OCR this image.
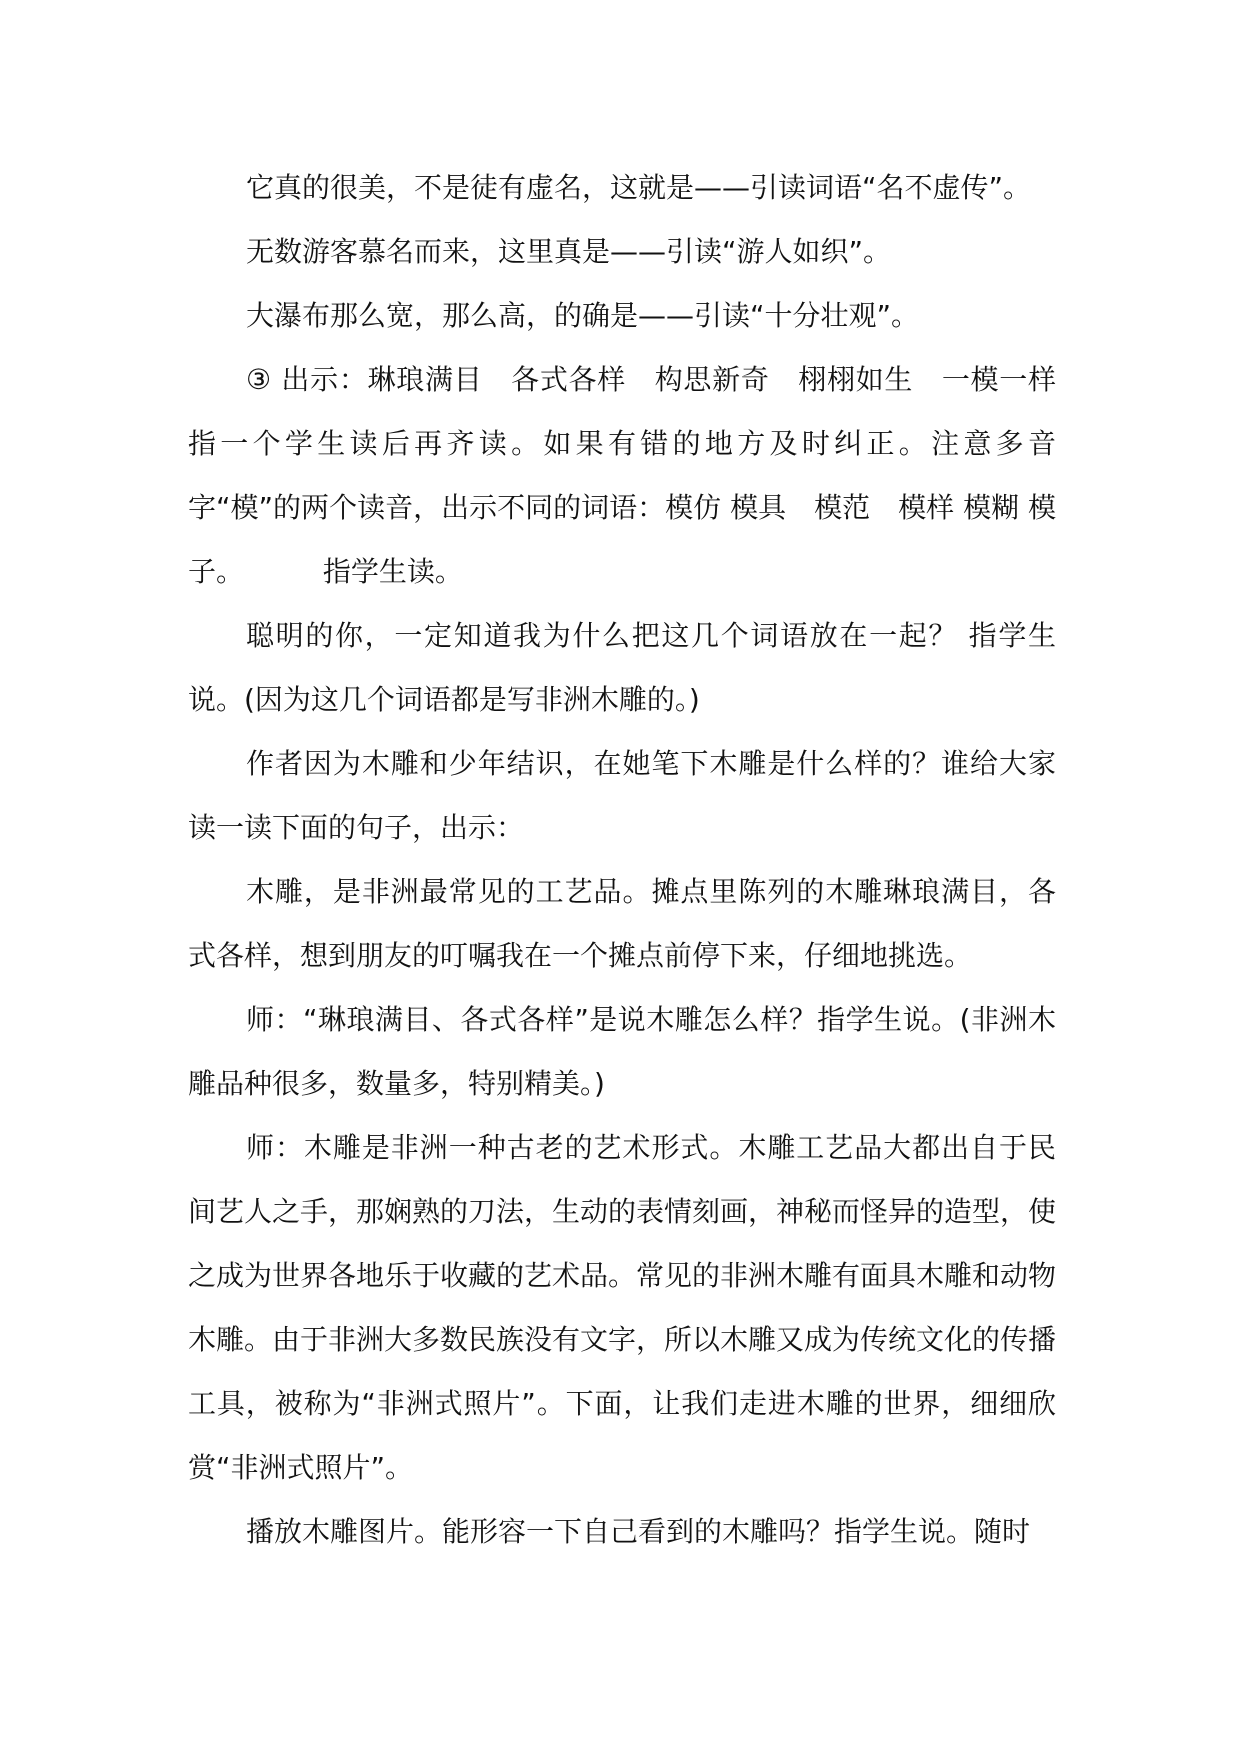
它真的很美，不是徒有虚名，这就是——引读词语“名不虚传”。

无数游客慕名而来，这里真是——引读“游人如织”。

大瀑布那么宽，那么高，的确是——引读“十分壮观”。

③ 出示：琳琅满目　各式各样　构思新奇　栩栩如生　一模一样　 指一个学生读后再齐读。如果有错的地方及时纠正。注意多音字“模”的两个读音，出示不同的词语：模仿 模具　模范　模样 模糊 模子。　　　 指学生读。

聪明的你，一定知道我为什么把这几个词语放在一起？ 指学生说。(因为这几个词语都是写非洲木雕的。)

作者因为木雕和少年结识，在她笔下木雕是什么样的？谁给大家读一读下面的句子，出示：

木雕，是非洲最常见的工艺品。摊点里陈列的木雕琳琅满目，各式各样，想到朋友的叮嘱我在一个摊点前停下来，仔细地挑选。

师：“琳琅满目、各式各样”是说木雕怎么样？指学生说。(非洲木雕品种很多，数量多，特别精美。)

师：木雕是非洲一种古老的艺术形式。木雕工艺品大都出自于民间艺人之手，那娴熟的刀法，生动的表情刻画，神秘而怪异的造型，使之成为世界各地乐于收藏的艺术品。常见的非洲木雕有面具木雕和动物木雕。由于非洲大多数民族没有文字，所以木雕又成为传统文化的传播工具，被称为“非洲式照片”。下面，让我们走进木雕的世界，细细欣赏“非洲式照片”。

播放木雕图片。能形容一下自己看到的木雕吗？指学生说。随时
